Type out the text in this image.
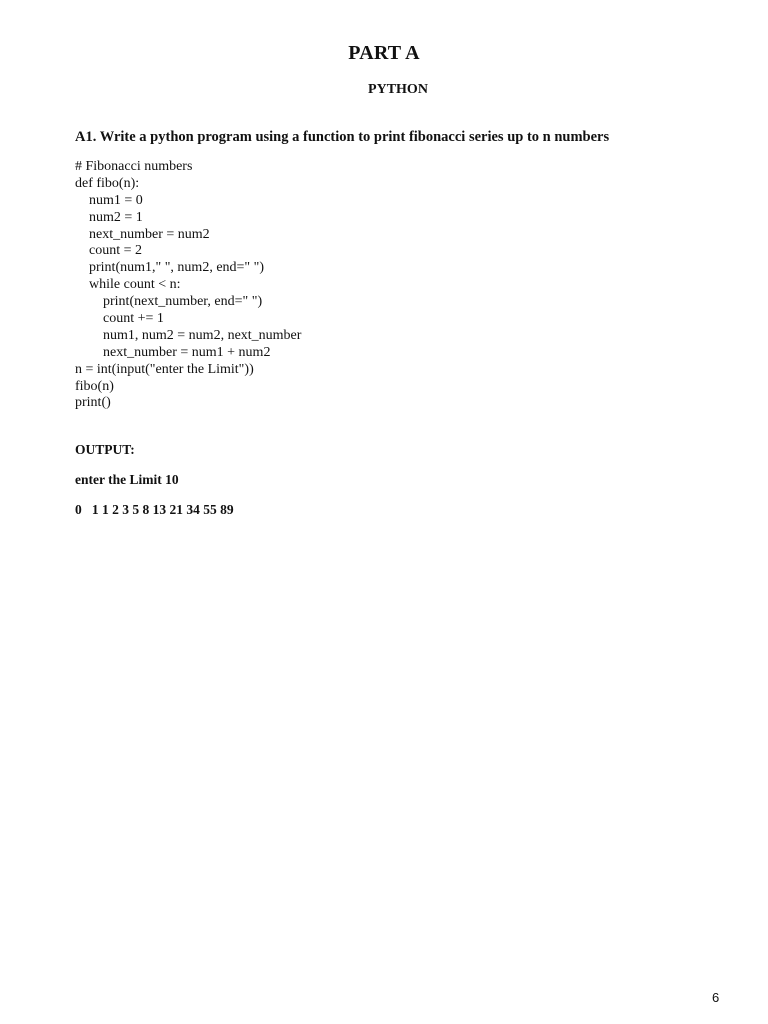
PART A
PYTHON
A1. Write a python program using a function to print fibonacci series up to n numbers
# Fibonacci numbers
def fibo(n):
num1 = 0
num2 = 1
next_number = num2
count = 2
print(num1," ", num2, end=" ")
while count < n:
print(next_number, end=" ")
count += 1
num1, num2 = num2, next_number
next_number = num1 + num2
n = int(input("enter the Limit"))
fibo(n)
print()
OUTPUT:
enter the Limit 10
0   1 1 2 3 5 8 13 21 34 55 89
6
